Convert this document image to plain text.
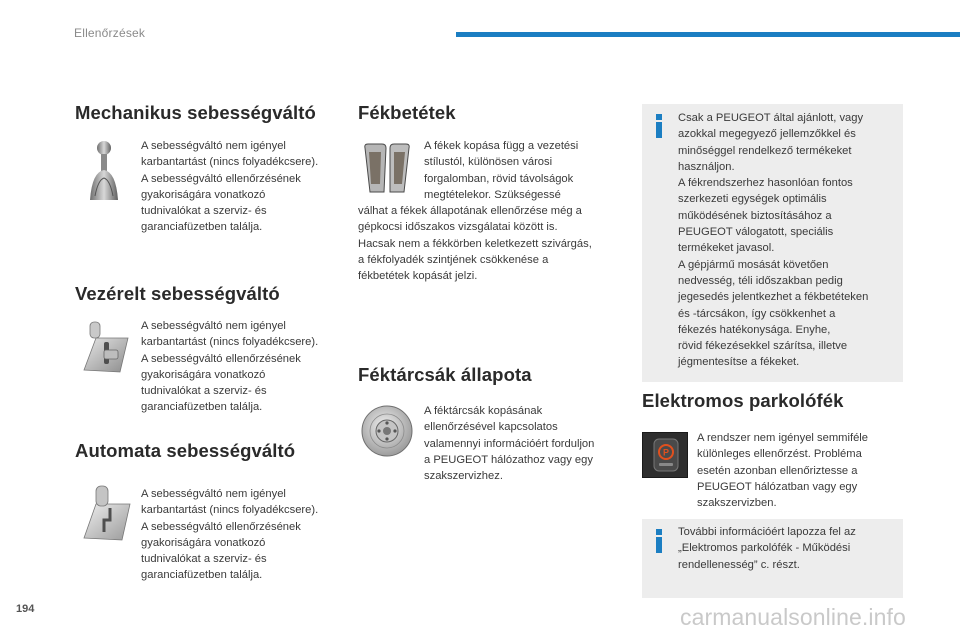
Ellenőrzések
Mechanikus sebességváltó
A sebességváltó nem igényel
karbantartást (nincs folyadékcsere).
A sebességváltó ellenőrzésének
gyakoriságára vonatkozó
tudnivalókat a szerviz- és
garanciafüzetben találja.
Vezérelt sebességváltó
A sebességváltó nem igényel
karbantartást (nincs folyadékcsere).
A sebességváltó ellenőrzésének
gyakoriságára vonatkozó
tudnivalókat a szerviz- és
garanciafüzetben találja.
Automata sebességváltó
A sebességváltó nem igényel
karbantartást (nincs folyadékcsere).
A sebességváltó ellenőrzésének
gyakoriságára vonatkozó
tudnivalókat a szerviz- és
garanciafüzetben találja.
Fékbetétek
A fékek kopása függ a vezetési
stílustól, különösen városi
forgalomban, rövid távolságok
megtételekor. Szükségessé
válhat a fékek állapotának ellenőrzése még a
gépkocsi időszakos vizsgálatai között is.
Hacsak nem a fékkörben keletkezett szivárgás,
a fékfolyadék szintjének csökkenése a
fékbetétek kopását jelzi.
Féktárcsák állapota
A féktárcsák kopásának
ellenőrzésével kapcsolatos
valamennyi információért forduljon
a PEUGEOT hálózathoz vagy egy
szakszervizhez.
Csak a PEUGEOT által ajánlott, vagy
azokkal megegyező jellemzőkkel és
minőséggel rendelkező termékeket
használjon.
A fékrendszerhez hasonlóan fontos
szerkezeti egységek optimális
működésének biztosításához a
PEUGEOT válogatott, speciális
termékeket javasol.
A gépjármű mosását követően
nedvesség, téli időszakban pedig
jegesedés jelentkezhet a fékbetéteken
és -tárcsákon, így csökkenhet a
fékezés hatékonysága. Enyhe,
rövid fékezésekkel szárítsa, illetve
jégmentesítse a fékeket.
Elektromos parkolófék
P
A rendszer nem igényel semmiféle
különleges ellenőrzést. Probléma
esetén azonban ellenőriztesse a
PEUGEOT hálózatban vagy egy
szakszervizben.
További információért lapozza fel az
„Elektromos parkolófék - Működési
rendellenesség” c. részt.
194	carmanualsonline.info
